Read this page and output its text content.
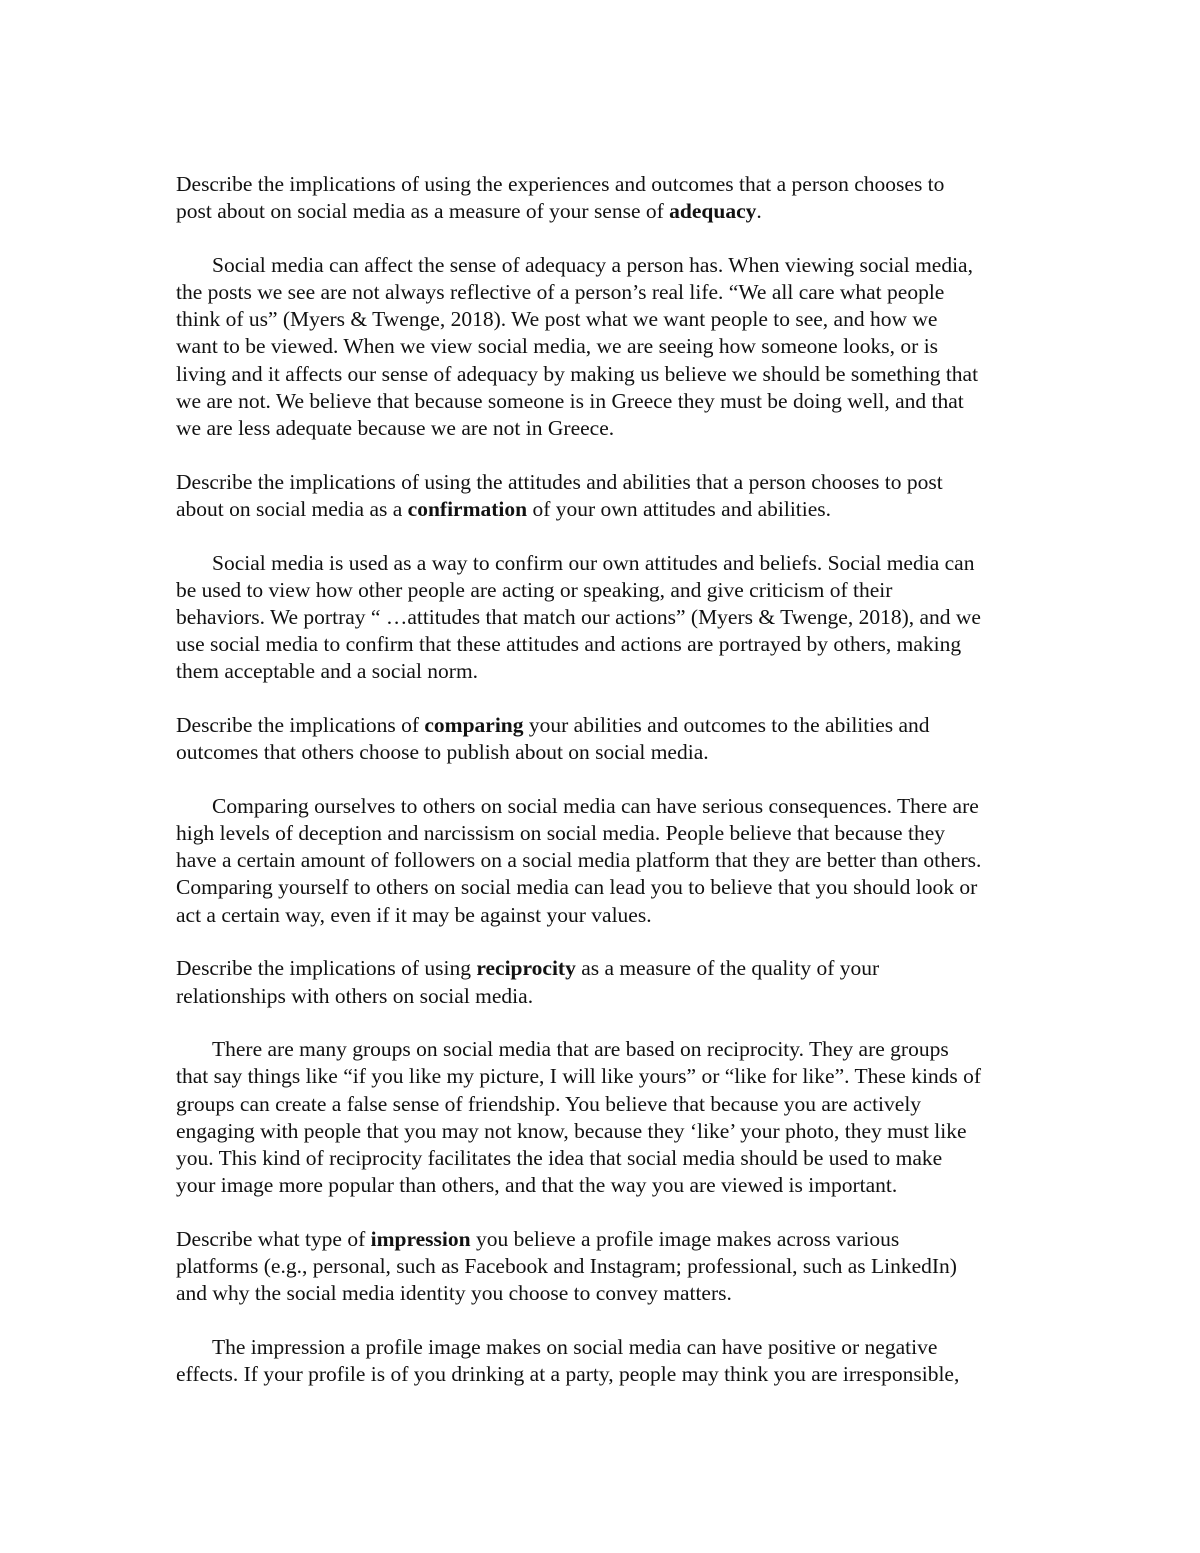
Describe the implications of using the experiences and outcomes that a person chooses to
post about on social media as a measure of your sense of adequacy.
Social media can affect the sense of adequacy a person has. When viewing social media,
the posts we see are not always reflective of a person’s real life. “We all care what people
think of us” (Myers & Twenge, 2018). We post what we want people to see, and how we
want to be viewed. When we view social media, we are seeing how someone looks, or is
living and it affects our sense of adequacy by making us believe we should be something that
we are not. We believe that because someone is in Greece they must be doing well, and that
we are less adequate because we are not in Greece.
Describe the implications of using the attitudes and abilities that a person chooses to post
about on social media as a confirmation of your own attitudes and abilities.
Social media is used as a way to confirm our own attitudes and beliefs. Social media can
be used to view how other people are acting or speaking, and give criticism of their
behaviors. We portray “ …attitudes that match our actions” (Myers & Twenge, 2018), and we
use social media to confirm that these attitudes and actions are portrayed by others, making
them acceptable and a social norm.
Describe the implications of comparing your abilities and outcomes to the abilities and
outcomes that others choose to publish about on social media.
Comparing ourselves to others on social media can have serious consequences. There are
high levels of deception and narcissism on social media. People believe that because they
have a certain amount of followers on a social media platform that they are better than others.
Comparing yourself to others on social media can lead you to believe that you should look or
act a certain way, even if it may be against your values.
Describe the implications of using reciprocity as a measure of the quality of your
relationships with others on social media.
There are many groups on social media that are based on reciprocity. They are groups
that say things like “if you like my picture, I will like yours” or “like for like”. These kinds of
groups can create a false sense of friendship. You believe that because you are actively
engaging with people that you may not know, because they ‘like’ your photo, they must like
you. This kind of reciprocity facilitates the idea that social media should be used to make
your image more popular than others, and that the way you are viewed is important.
Describe what type of impression you believe a profile image makes across various
platforms (e.g., personal, such as Facebook and Instagram; professional, such as LinkedIn)
and why the social media identity you choose to convey matters.
The impression a profile image makes on social media can have positive or negative
effects. If your profile is of you drinking at a party, people may think you are irresponsible,
